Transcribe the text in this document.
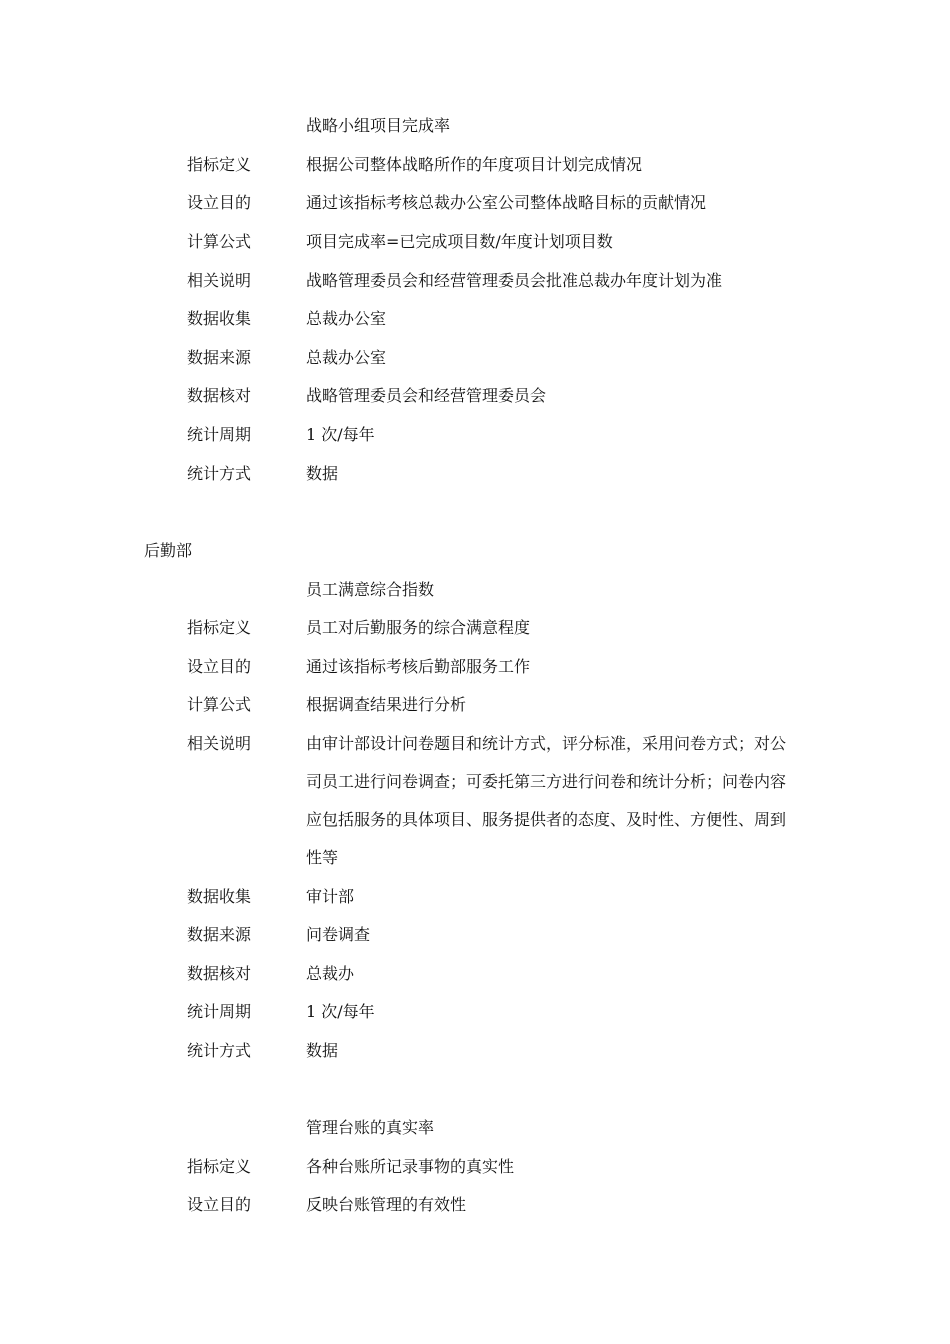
战略小组项目完成率
指标定义	根据公司整体战略所作的年度项目计划完成情况
设立目的	通过该指标考核总裁办公室公司整体战略目标的贡献情况
计算公式	项目完成率=已完成项目数/年度计划项目数
相关说明	战略管理委员会和经营管理委员会批准总裁办年度计划为准
数据收集	总裁办公室
数据来源	总裁办公室
数据核对	战略管理委员会和经营管理委员会
统计周期	1 次/每年
统计方式	数据
后勤部
员工满意综合指数
指标定义	员工对后勤服务的综合满意程度
设立目的	通过该指标考核后勤部服务工作
计算公式	根据调查结果进行分析
相关说明	由审计部设计问卷题目和统计方式，评分标准，采用问卷方式；对公
司员工进行问卷调查；可委托第三方进行问卷和统计分析；问卷内容
应包括服务的具体项目、服务提供者的态度、及时性、方便性、周到
性等
数据收集	审计部
数据来源	问卷调查
数据核对	总裁办
统计周期	1 次/每年
统计方式	数据
管理台账的真实率
指标定义	各种台账所记录事物的真实性
设立目的	反映台账管理的有效性
